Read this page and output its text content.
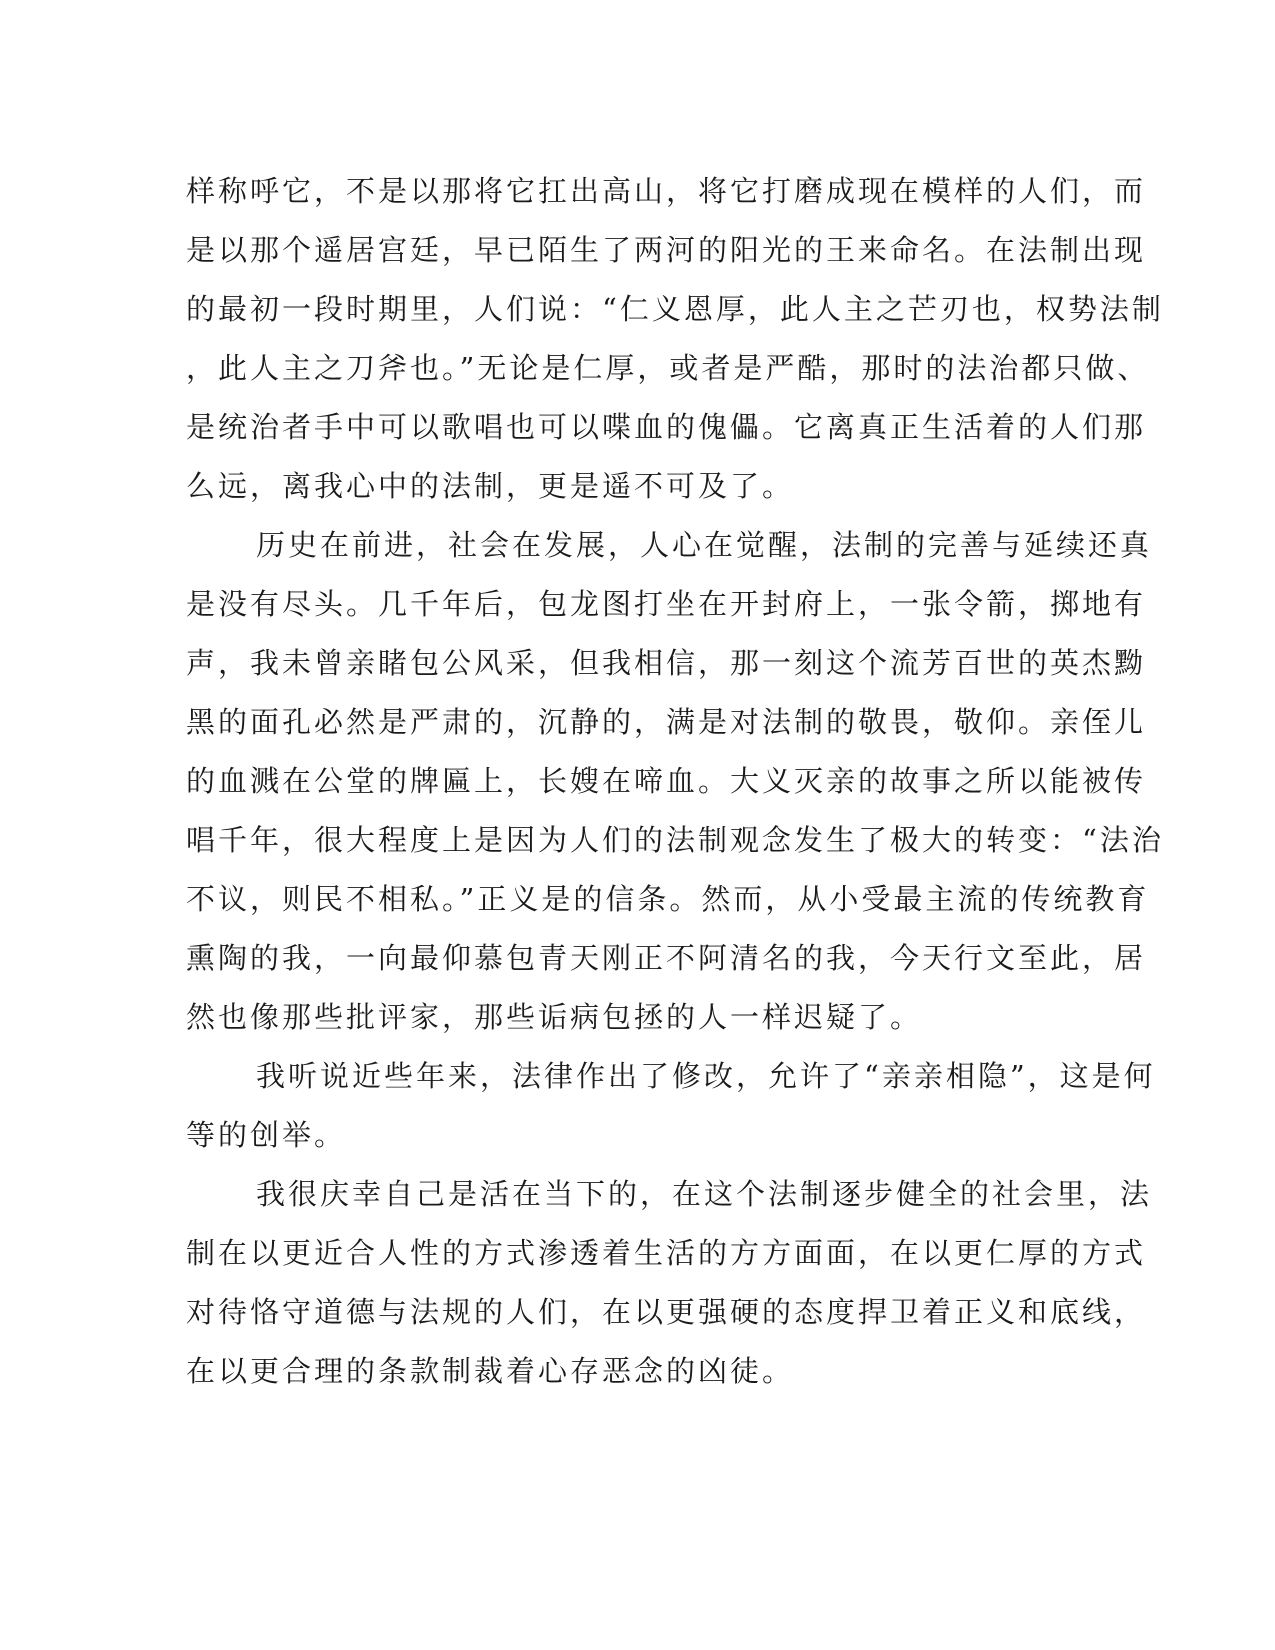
样称呼它，不是以那将它扛出高山，将它打磨成现在模样的人们，而
是以那个遥居宫廷，早已陌生了两河的阳光的王来命名。在法制出现
的最初一段时期里，人们说：“仁义恩厚，此人主之芒刃也，权势法制
，此人主之刀斧也。”无论是仁厚，或者是严酷，那时的法治都只做、
是统治者手中可以歌唱也可以喋血的傀儡。它离真正生活着的人们那
么远，离我心中的法制，更是遥不可及了。
历史在前进，社会在发展，人心在觉醒，法制的完善与延续还真
是没有尽头。几千年后，包龙图打坐在开封府上，一张令箭，掷地有
声，我未曾亲睹包公风采，但我相信，那一刻这个流芳百世的英杰黝
黑的面孔必然是严肃的，沉静的，满是对法制的敬畏，敬仰。亲侄儿
的血溅在公堂的牌匾上，长嫂在啼血。大义灭亲的故事之所以能被传
唱千年，很大程度上是因为人们的法制观念发生了极大的转变：“法治
不议，则民不相私。”正义是的信条。然而，从小受最主流的传统教育
熏陶的我，一向最仰慕包青天刚正不阿清名的我，今天行文至此，居
然也像那些批评家，那些诟病包拯的人一样迟疑了。
我听说近些年来，法律作出了修改，允许了“亲亲相隐”，这是何
等的创举。
我很庆幸自己是活在当下的，在这个法制逐步健全的社会里，法
制在以更近合人性的方式渗透着生活的方方面面，在以更仁厚的方式
对待恪守道德与法规的人们，在以更强硬的态度捍卫着正义和底线，
在以更合理的条款制裁着心存恶念的凶徒。
